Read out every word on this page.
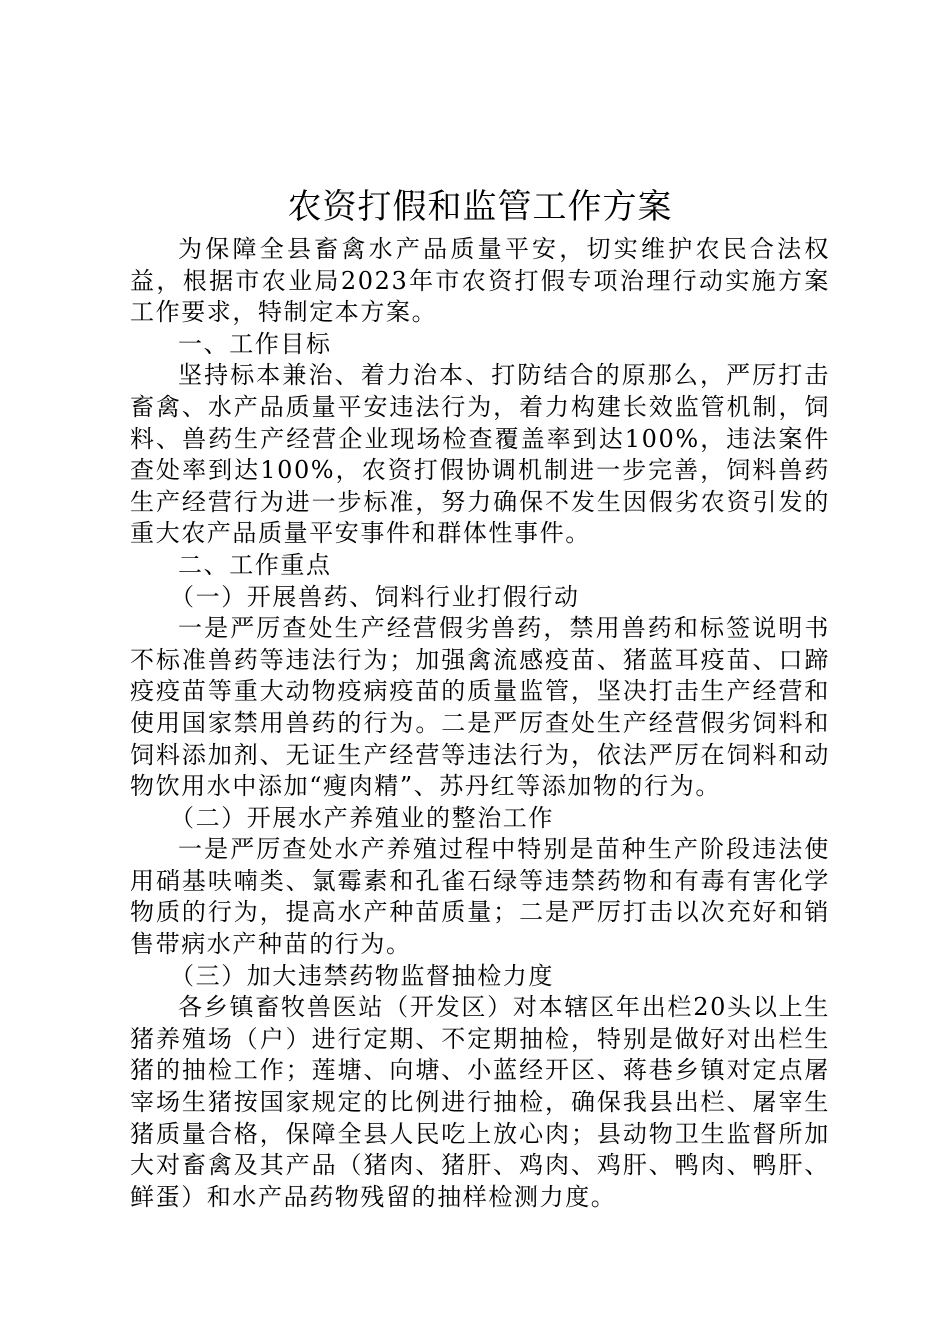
农资打假和监管工作方案

为保障全县畜禽水产品质量平安，切实维护农民合法权益，根据市农业局2023年市农资打假专项治理行动实施方案工作要求，特制定本方案。

一、工作目标

坚持标本兼治、着力治本、打防结合的原那么，严厉打击畜禽、水产品质量平安违法行为，着力构建长效监管机制，饲料、兽药生产经营企业现场检查覆盖率到达100%，违法案件查处率到达100%，农资打假协调机制进一步完善，饲料兽药生产经营行为进一步标准，努力确保不发生因假劣农资引发的重大农产品质量平安事件和群体性事件。

二、工作重点

（一）开展兽药、饲料行业打假行动

一是严厉查处生产经营假劣兽药，禁用兽药和标签说明书不标准兽药等违法行为；加强禽流感疫苗、猪蓝耳疫苗、口蹄疫疫苗等重大动物疫病疫苗的质量监管，坚决打击生产经营和使用国家禁用兽药的行为。二是严厉查处生产经营假劣饲料和饲料添加剂、无证生产经营等违法行为，依法严厉在饲料和动物饮用水中添加“瘦肉精”、苏丹红等添加物的行为。

（二）开展水产养殖业的整治工作

一是严厉查处水产养殖过程中特别是苗种生产阶段违法使用硝基呋喃类、氯霉素和孔雀石绿等违禁药物和有毒有害化学物质的行为，提高水产种苗质量；二是严厉打击以次充好和销售带病水产种苗的行为。

（三）加大违禁药物监督抽检力度

各乡镇畜牧兽医站（开发区）对本辖区年出栏20头以上生猪养殖场（户）进行定期、不定期抽检，特别是做好对出栏生猪的抽检工作；莲塘、向塘、小蓝经开区、蒋巷乡镇对定点屠宰场生猪按国家规定的比例进行抽检，确保我县出栏、屠宰生猪质量合格，保障全县人民吃上放心肉；县动物卫生监督所加大对畜禽及其产品（猪肉、猪肝、鸡肉、鸡肝、鸭肉、鸭肝、鲜蛋）和水产品药物残留的抽样检测力度。
